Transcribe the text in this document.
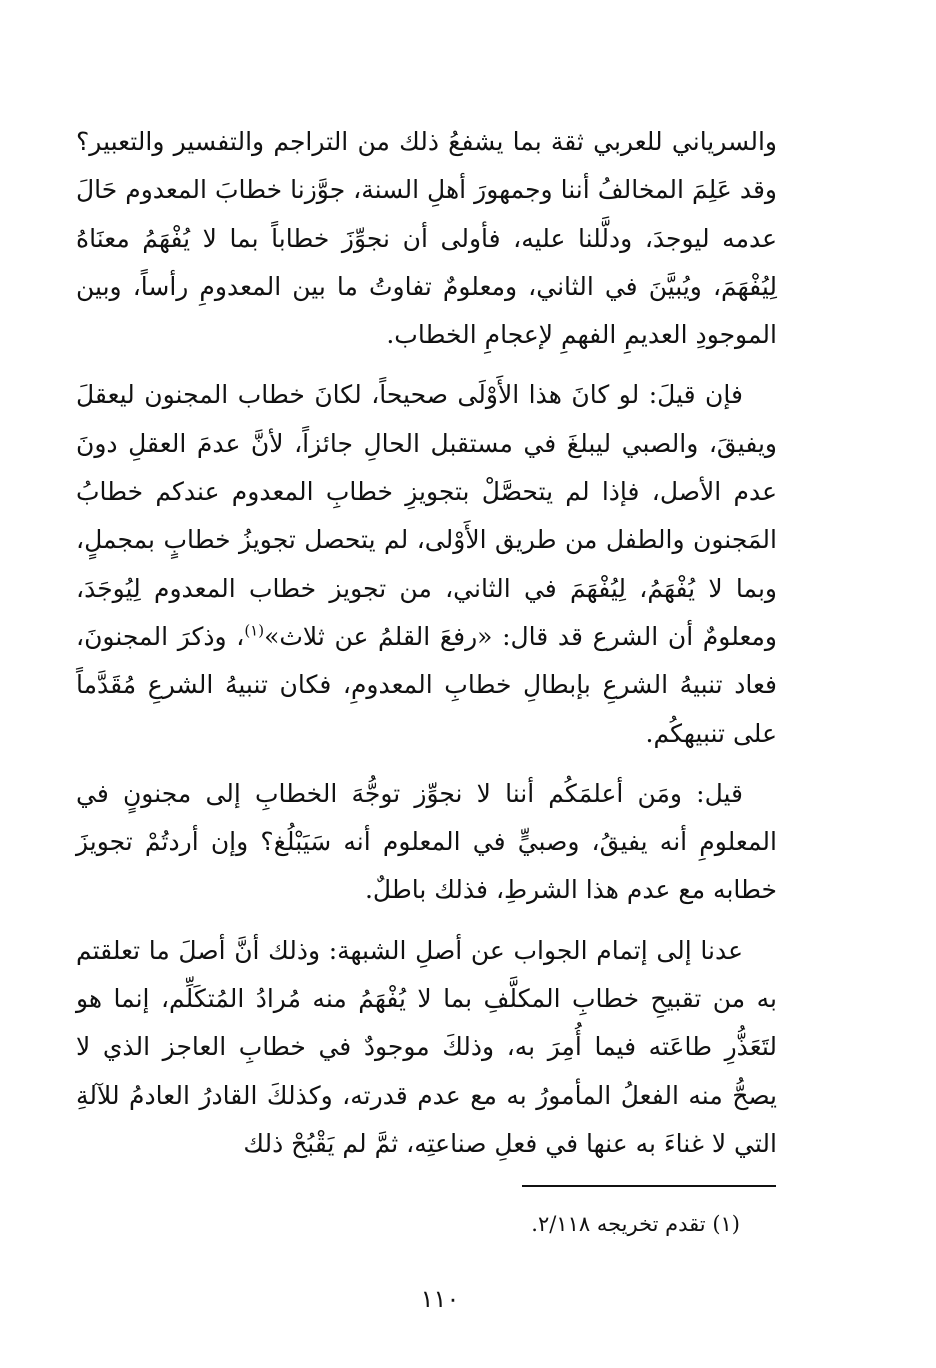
والسرياني للعربي ثقة بما يشفعُ ذلك من التراجم والتفسير والتعبير؟ وقد عَلِمَ المخالفُ أننا وجمهورَ أهلِ السنة، جوَّزنا خطابَ المعدوم حَالَ عدمه ليوجدَ، ودلَّلنا عليه، فأولى أن نجوِّزَ خطاباً بما لا يُفْهَمُ معنَاهُ لِيُفْهَمَ، ويُبيَّنَ في الثاني، ومعلومٌ تفاوتُ ما بين المعدومِ رأساً، وبين الموجودِ العديمِ الفهمِ لإعجامِ الخطاب.

فإن قيلَ: لو كانَ هذا الأَوْلَى صحيحاً، لكانَ خطاب المجنون ليعقلَ ويفيقَ، والصبي ليبلغَ في مستقبل الحالِ جائزاً، لأنَّ عدمَ العقلِ دونَ عدم الأصل، فإذا لم يتحصَّلْ بتجويزِ خطابِ المعدوم عندكم خطابُ المَجنون والطفل من طريق الأَوْلى، لم يتحصل تجويزُ خطابٍ بمجملٍ، وبما لا يُفْهَمُ، لِيُفْهَمَ في الثاني، من تجويز خطاب المعدوم لِيُوجَدَ، ومعلومٌ أن الشرع قد قال: «رفعَ القلمُ عن ثلاث»$^{(١)}$، وذكرَ المجنونَ، فعاد تنبيهُ الشرعِ بإبطالِ خطابِ المعدومِ، فكان تنبيهُ الشرعِ مُقَدَّماً على تنبيهكُم.

قيل: ومَن أعلمَكُم أننا لا نجوِّز توجُّهَ الخطابِ إلى مجنونٍ في المعلومِ أنه يفيقُ، وصبيٍّ في المعلوم أنه سَيَبْلُغ؟ وإن أردتُمْ تجويزَ خطابه مع عدم هذا الشرطِ، فذلك باطلٌ.

عدنا إلى إتمام الجواب عن أصلِ الشبهة: وذلك أنَّ أصلَ ما تعلقتم به من تقبيحِ خطابِ المكلَّفِ بما لا يُفْهَمُ منه مُرادُ المُتكَلِّم، إنما هو لتَعَذُّرِ طاعَته فيما أُمِرَ به، وذلكَ موجودٌ في خطابِ العاجز الذي لا يصحُّ منه الفعلُ المأمورُ به مع عدم قدرته، وكذلكَ القادرُ العادمُ للآلةِ التي لا غناءَ به عنها في فعلِ صناعتِه، ثمَّ لم يَقْبُحْ ذلك

(١) تقدم تخريجه ٢/١١٨.
١١٠
